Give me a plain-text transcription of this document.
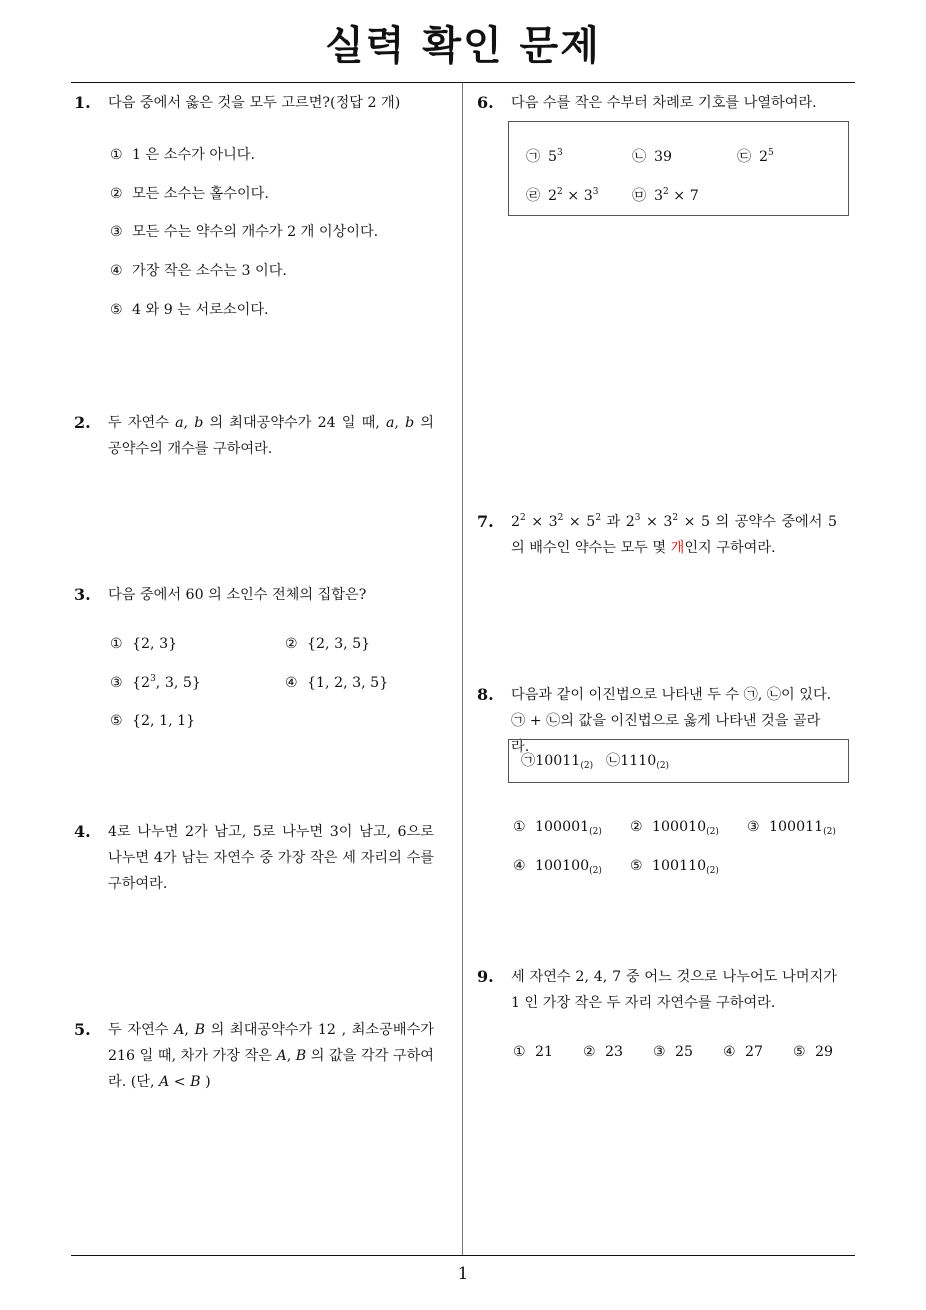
실력 확인 문제
1
1. 다음 중에서 옳은 것을 모두 고르면?(정답 2 개)
① 1 은 소수가 아니다.
② 모든 소수는 홀수이다.
③ 모든 수는 약수의 개수가 2 개 이상이다.
④ 가장 작은 소수는 3 이다.
⑤ 4 와 9 는 서로소이다.
2. 두 자연수 a, b 의 최대공약수가 24 일 때, a, b 의 공약수의 개수를 구하여라.
3. 다음 중에서 60 의 소인수 전체의 집합은?
① {2, 3}	② {2, 3, 5}
③ {$2^3$, 3, 5}	④ {1, 2, 3, 5}
⑤ {2, 1, 1}
4. 4로 나누면 2가 남고, 5로 나누면 3이 남고, 6으로 나누면 4가 남는 자연수 중 가장 작은 세 자리의 수를 구하여라.
5. 두 자연수 A, B 의 최대공약수가 12 , 최소공배수가 216 일 때, 차가 가장 작은 A, B 의 값을 각각 구하여라. (단, A < B )
6. 다음 수를 작은 수부터 차례로 기호를 나열하여라.
㉠ $5^3$	㉡ 39	㉢ $2^5$
㉣ $2^2 \times 3^3$ ㉤ $3^2 \times 7$
7. $2^2 \times 3^2 \times 5^2$ 과 $2^3 \times 3^2 \times 5$ 의 공약수 중에서 5 의 배수인 약수는 모두 몇 개인지 구하여라.
8. 다음과 같이 이진법으로 나타낸 두 수 ㉠, ㉡이 있다.
㉠ + ㉡의 값을 이진법으로 옳게 나타낸 것을 골라라.
$㉠10011_{(2)}$ $㉡1110_{(2)}$
① $100001_{(2)}$ ② $100010_{(2)}$ ③ $100011_{(2)}$
④ $100100_{(2)}$ ⑤ $100110_{(2)}$
9. 세 자연수 2, 4, 7 중 어느 것으로 나누어도 나머지가 1 인 가장 작은 두 자리 자연수를 구하여라.
① 21 ② 23 ③ 25 ④ 27 ⑤ 29
